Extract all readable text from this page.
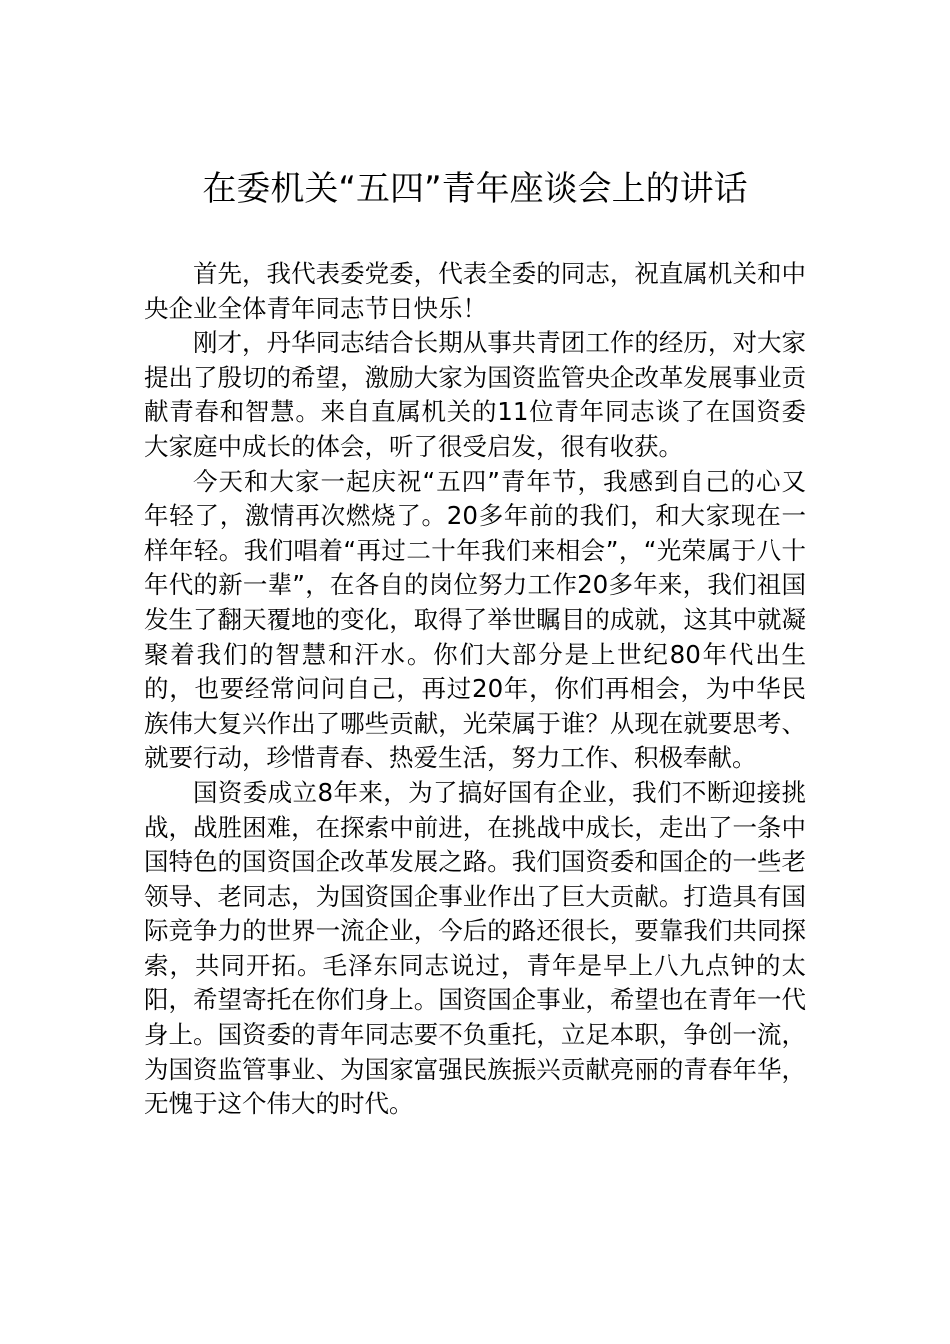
在委机关“五四”青年座谈会上的讲话

首先，我代表委党委，代表全委的同志，祝直属机关和中央企业全体青年同志节日快乐！

刚才，丹华同志结合长期从事共青团工作的经历，对大家提出了殷切的希望，激励大家为国资监管央企改革发展事业贡献青春和智慧。来自直属机关的11位青年同志谈了在国资委大家庭中成长的体会，听了很受启发，很有收获。

今天和大家一起庆祝“五四”青年节，我感到自己的心又年轻了，激情再次燃烧了。20多年前的我们，和大家现在一样年轻。我们唱着“再过二十年我们来相会”，“光荣属于八十年代的新一辈”，在各自的岗位努力工作20多年来，我们祖国发生了翻天覆地的变化，取得了举世瞩目的成就，这其中就凝聚着我们的智慧和汗水。你们大部分是上世纪80年代出生的，也要经常问问自己，再过20年，你们再相会，为中华民族伟大复兴作出了哪些贡献，光荣属于谁？从现在就要思考、就要行动，珍惜青春、热爱生活，努力工作、积极奉献。

国资委成立8年来，为了搞好国有企业，我们不断迎接挑战，战胜困难，在探索中前进，在挑战中成长，走出了一条中国特色的国资国企改革发展之路。我们国资委和国企的一些老领导、老同志，为国资国企事业作出了巨大贡献。打造具有国际竞争力的世界一流企业，今后的路还很长，要靠我们共同探索，共同开拓。毛泽东同志说过，青年是早上八九点钟的太阳，希望寄托在你们身上。国资国企事业，希望也在青年一代身上。国资委的青年同志要不负重托，立足本职，争创一流，为国资监管事业、为国家富强民族振兴贡献亮丽的青春年华，无愧于这个伟大的时代。
